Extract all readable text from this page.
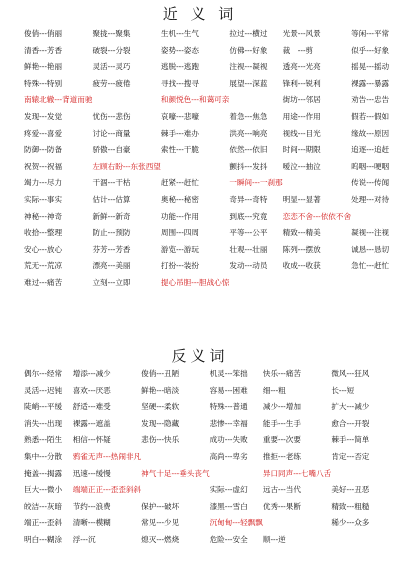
近 义 词
俊俏---俏丽	聚拢---聚集	生机---生气	拉过---横过	光景---风景	等闲---平常
清香---芳香	破裂---分裂	姿势---姿态	仿佛---好象	裁　---剪	似乎---好象
鲜艳---艳丽	灵活---灵巧	逃脱---逃跑	注视---凝视	透亮---光亮	摇晃---摇动
特殊---特别	疲劳---疲倦	寻找---搜寻	展望---深蓝	锋利---锐利	裸露---暴露
南辕北辙---背道而驰	和颜悦色---和蔼可亲	街坊---邻居	劝告---忠告
发现---发觉	忧伤---悲伤	哀嚎---悲嚎	着急---焦急	用途---作用	假若---假如
疼爱---喜爱	讨论---商量	棘手---难办	洪亮---响亮	视线---目光	缘故---原因
防御---防备	骄傲---自豪	索性---干脆	依然---依旧	时间---期限	追逐---追赶
祝贺---祝福	左顾右盼---东张西望	颤抖---发抖	嗳泣---抽泣	呜咽---哽咽
竭力---尽力	干涸---干枯	赶紧---赶忙	一瞬间---一刹那	传说---传闻
实际---事实	估计---估算	奥秘---秘密	奇异---奇特	明显---显著	处理---对待
神秘---神奇	新鲜---新奇	功能---作用	到底---究竟	恋恋不舍---依依不舍
收拾---整理	防止---预防	周围---四周	平等---公平	精致---精美	凝视---注视
安心---放心	芬芳---芳香	游览---游玩	壮观---壮丽	陈列---摆放	诚恳---恳切
荒无---荒凉	漂亮---美丽	打扮---装扮	发动---动员	收成---收获	急忙---赶忙
难过---痛苦	立刻---立即	提心吊胆---胆战心惊
反义词
偶尔---经常	增添---减少	俊俏---丑陋	机灵---笨拙	快乐---痛苦	微风---狂风
灵活---迟钝	喜欢---厌恶	鲜艳---暗淡	容易---困难	细---粗	长---短
陡峭---平缓	舒适---难受	坚硬---柔软	特殊---普通	减少---增加	扩大---减少
消失---出现	裸露---遮盖	发现---隐藏	悲惨---幸福	能手---生手	愈合---开裂
熟悉---陌生	相信---怀疑	悲伤---快乐	成功---失败	重要---次要	棘手---简单
集中---分散	鸦雀无声---热闹非凡	高尚---卑劣	推拒---老练	肯定---否定
掩盖---揭露	迅速---缓慢	神气十足---垂头丧气	异口同声---七嘴八舌
巨大---微小	端端正正---歪歪斜斜	实际---虚幻	远古---当代	美好---丑恶
皎洁---灰暗	节约---浪费	保护---破坏	漆黑---雪白	优秀---果断	精致---粗糙
端正---歪斜	清晰---模糊	常见---少见	沉甸甸---轻飘飘	稀少---众多
明白---糊涂	浮---沉	熄灭---燃烧	危险---安全	顺---逆
